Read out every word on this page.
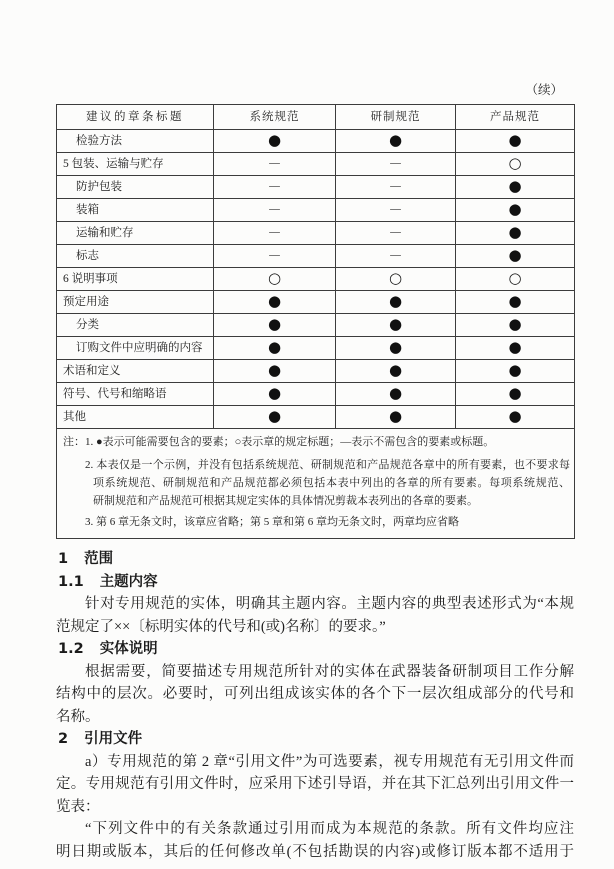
（续）
建议的章条标题	系统规范	研制规范	产品规范
检验方法	●	●	●
5 包装、运输与贮存	—	—	○
防护包装	—	—	●
装箱	—	—	●
运输和贮存	—	—	●
标志	—	—	●
6 说明事项	○	○	○
预定用途	●	●	●
分类	●	●	●
订购文件中应明确的内容	●	●	●
术语和定义	●	●	●
符号、代号和缩略语	●	●	●
其他	●	●	●

注：1. ●表示可能需要包含的要素；○表示章的规定标题；—表示不需包含的要素或标题。
2. 本表仅是一个示例，并没有包括系统规范、研制规范和产品规范各章中的所有要素，也不要求每
项系统规范、研制规范和产品规范都必须包括本表中列出的各章的所有要素。每项系统规范、
研制规范和产品规范可根据其规定实体的具体情况剪裁本表列出的各章的要素。
3. 第 6 章无条文时，该章应省略；第 5 章和第 6 章均无条文时，两章均应省略			
1 范围
1.1 主题内容
针对专用规范的实体，明确其主题内容。主题内容的典型表述形式为“本规
范规定了××〔标明实体的代号和(或)名称〕的要求。”
1.2 实体说明
根据需要，简要描述专用规范所针对的实体在武器装备研制项目工作分解
结构中的层次。必要时，可列出组成该实体的各个下一层次组成部分的代号和
名称。
2 引用文件
a）专用规范的第 2 章“引用文件”为可选要素，视专用规范有无引用文件而
定。专用规范有引用文件时，应采用下述引导语，并在其下汇总列出引用文件一
览表：
“下列文件中的有关条款通过引用而成为本规范的条款。所有文件均应注
明日期或版本，其后的任何修改单(不包括勘误的内容)或修订版本都不适用于
